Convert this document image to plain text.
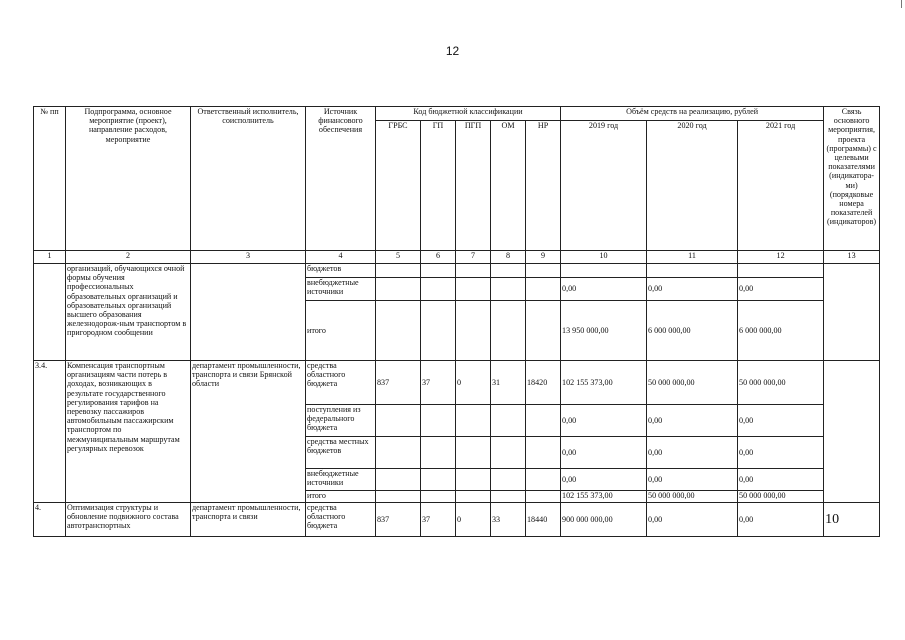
12
№ пп	Подпрограмма, основное мероприятие (проект), направление расходов, мероприятие	Ответственный исполнитель, соисполнитель	Источник финансового обеспечения	Код бюджетной классификации					Объём средств на реализацию, рублей			Связь основного мероприятия, проекта (программы) с целевыми показателями (индикатора-ми) (порядковые номера показателей (индикаторов)
				ГРБС	ГП	ПГП	ОМ	НР	2019 год	2020 год	2021 год	
1	2	3	4	5	6	7	8	9	10	11	12	13
	организаций, обучающихся очной формы обучения профессиональных образовательных организаций и образовательных организаций высшего образования железнодорож-ным транспортом в пригородном сообщении		бюджетов									
			внебюджетные источники						0,00	0,00	0,00	
			итого						13 950 000,00	6 000 000,00	6 000 000,00	
3.4.	Компенсация транспортным организациям части потерь в доходах, возникающих в результате государственного регулирования тарифов на перевозку пассажиров автомобильным пассажирским транспортом по межмуниципальным маршрутам регулярных перевозок	департамент промышленности, транспорта и связи Брянской области	средства областного бюджета	837	37	0	31	18420	102 155 373,00	50 000 000,00	50 000 000,00	
			поступления из федерального бюджета						0,00	0,00	0,00	
			средства местных бюджетов						0,00	0,00	0,00	
			внебюджетные источники						0,00	0,00	0,00	
			итого						102 155 373,00	50 000 000,00	50 000 000,00	
4.	Оптимизация структуры и обновление подвижного состава автотранспортных	департамент промышленности, транспорта и связи	средства областного бюджета	837	37	0	33	18440	900 000 000,00	0,00	0,00	10
